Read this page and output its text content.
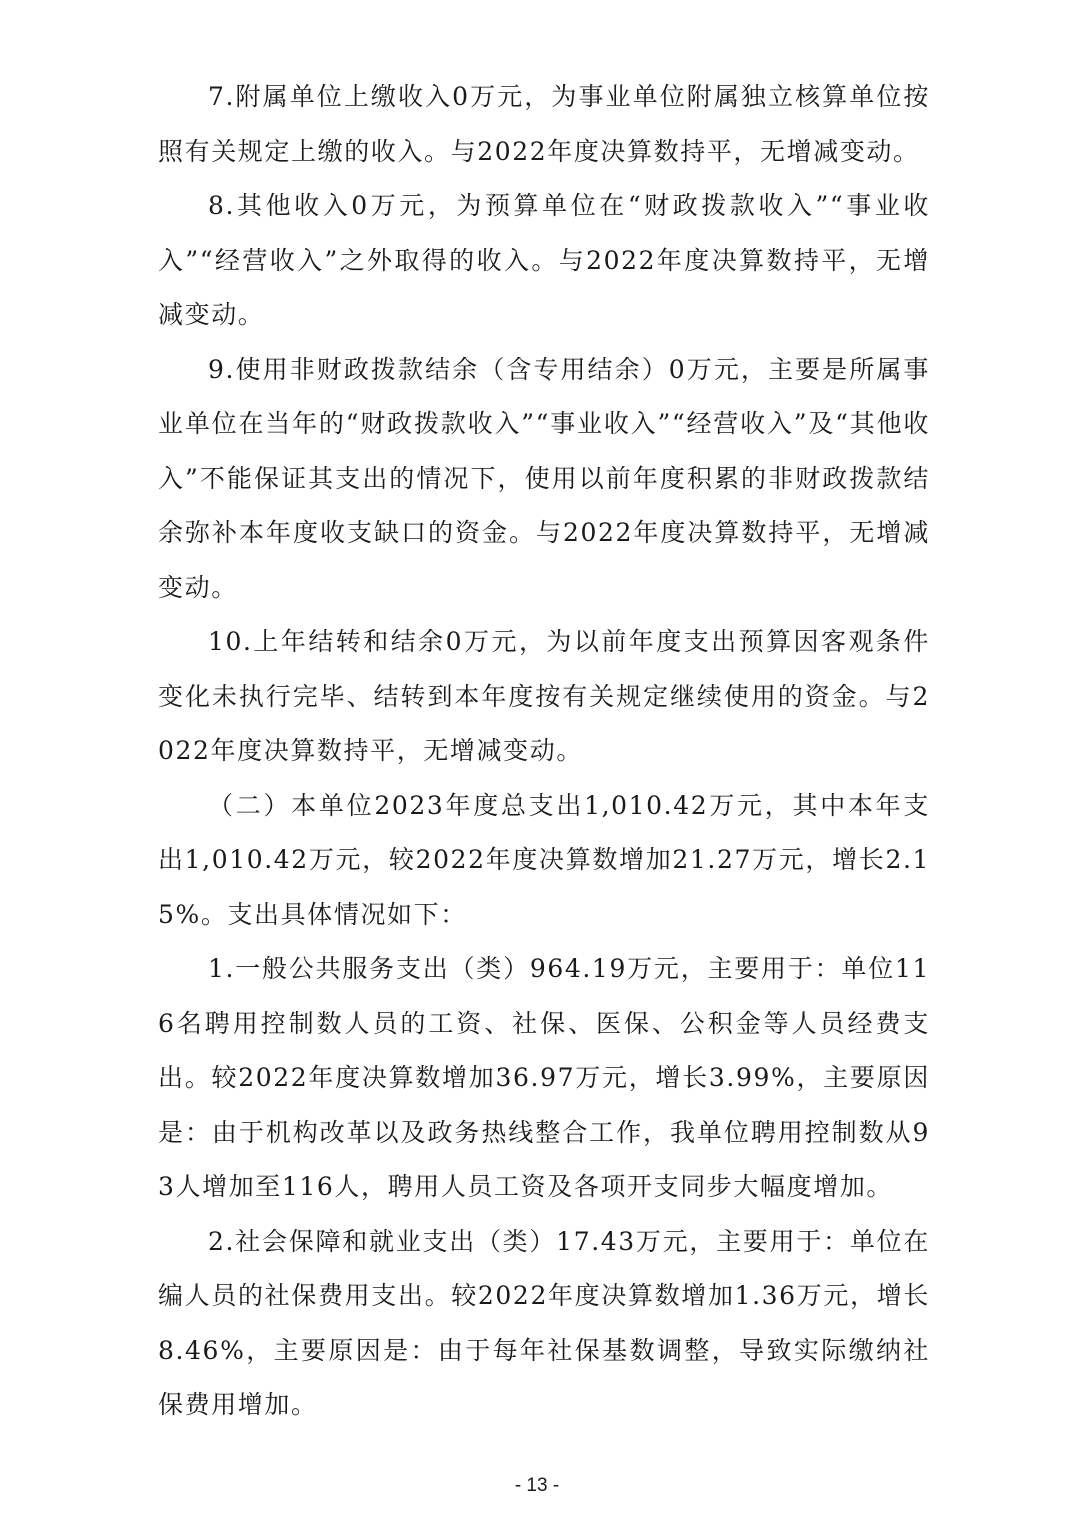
7.附属单位上缴收入0万元，为事业单位附属独立核算单位按照有关规定上缴的收入。与2022年度决算数持平，无增减变动。

8.其他收入0万元，为预算单位在“财政拨款收入”“事业收入”“经营收入”之外取得的收入。与2022年度决算数持平，无增减变动。

9.使用非财政拨款结余（含专用结余）0万元，主要是所属事业单位在当年的“财政拨款收入”“事业收入”“经营收入”及“其他收入”不能保证其支出的情况下，使用以前年度积累的非财政拨款结余弥补本年度收支缺口的资金。与2022年度决算数持平，无增减变动。

10.上年结转和结余0万元，为以前年度支出预算因客观条件变化未执行完毕、结转到本年度按有关规定继续使用的资金。与2022年度决算数持平，无增减变动。

（二）本单位2023年度总支出1,010.42万元，其中本年支出1,010.42万元，较2022年度决算数增加21.27万元，增长2.15%。支出具体情况如下：

1.一般公共服务支出（类）964.19万元，主要用于：单位116名聘用控制数人员的工资、社保、医保、公积金等人员经费支出。较2022年度决算数增加36.97万元，增长3.99%，主要原因是：由于机构改革以及政务热线整合工作，我单位聘用控制数从93人增加至116人，聘用人员工资及各项开支同步大幅度增加。

2.社会保障和就业支出（类）17.43万元，主要用于：单位在编人员的社保费用支出。较2022年度决算数增加1.36万元，增长8.46%，主要原因是：由于每年社保基数调整，导致实际缴纳社保费用增加。

- 13 -
